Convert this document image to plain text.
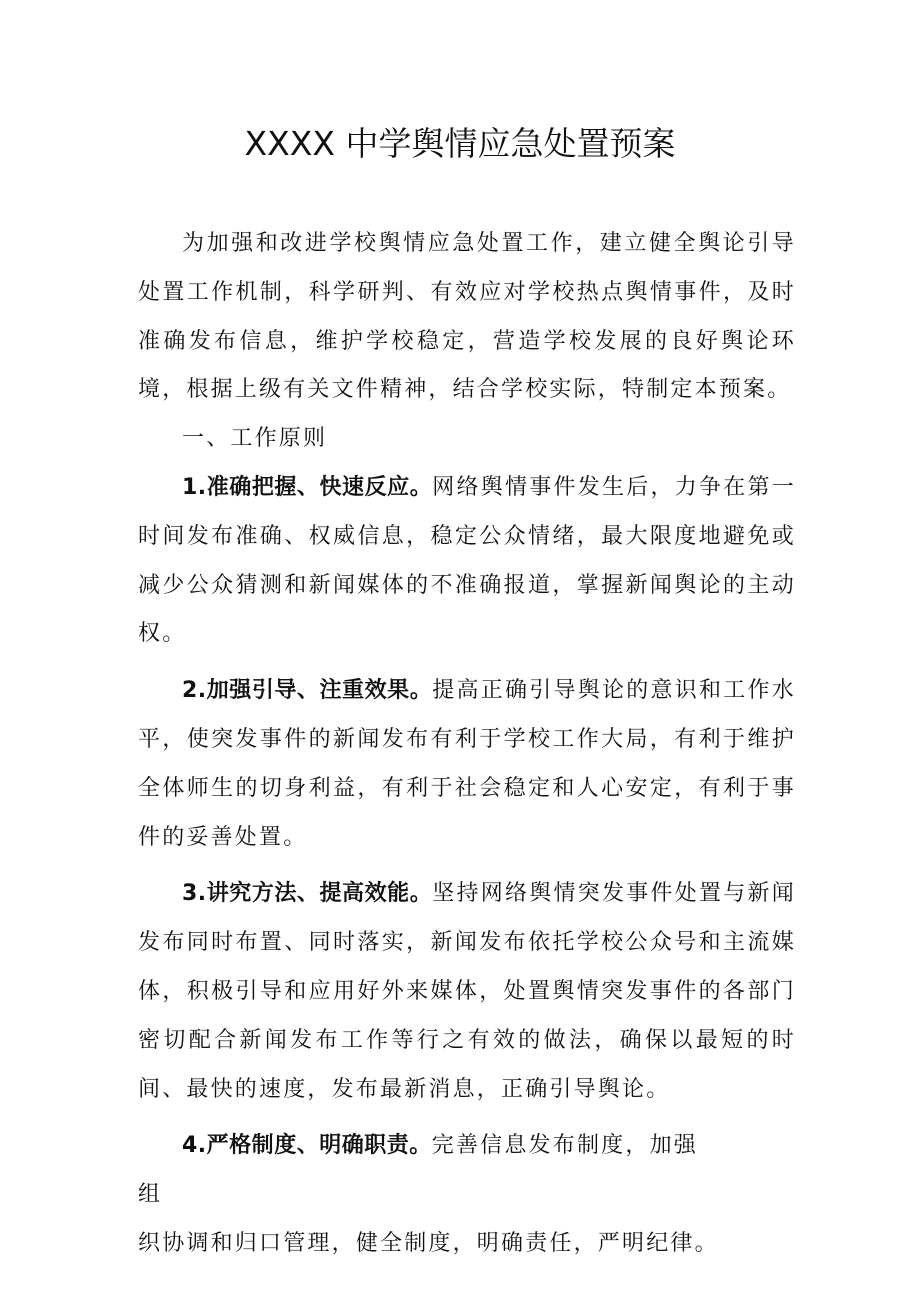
XXXX 中学舆情应急处置预案

为加强和改进学校舆情应急处置工作，建立健全舆论引导处置工作机制，科学研判、有效应对学校热点舆情事件，及时准确发布信息，维护学校稳定，营造学校发展的良好舆论环境，根据上级有关文件精神，结合学校实际，特制定本预案。

一、工作原则

1.准确把握、快速反应。网络舆情事件发生后，力争在第一时间发布准确、权威信息，稳定公众情绪，最大限度地避免或减少公众猜测和新闻媒体的不准确报道，掌握新闻舆论的主动权。

2.加强引导、注重效果。提高正确引导舆论的意识和工作水平，使突发事件的新闻发布有利于学校工作大局，有利于维护全体师生的切身利益，有利于社会稳定和人心安定，有利于事件的妥善处置。

3.讲究方法、提高效能。坚持网络舆情突发事件处置与新闻发布同时布置、同时落实，新闻发布依托学校公众号和主流媒体，积极引导和应用好外来媒体，处置舆情突发事件的各部门密切配合新闻发布工作等行之有效的做法，确保以最短的时间、最快的速度，发布最新消息，正确引导舆论。

4.严格制度、明确职责。完善信息发布制度，加强组

织协调和归口管理，健全制度，明确责任，严明纪律。
